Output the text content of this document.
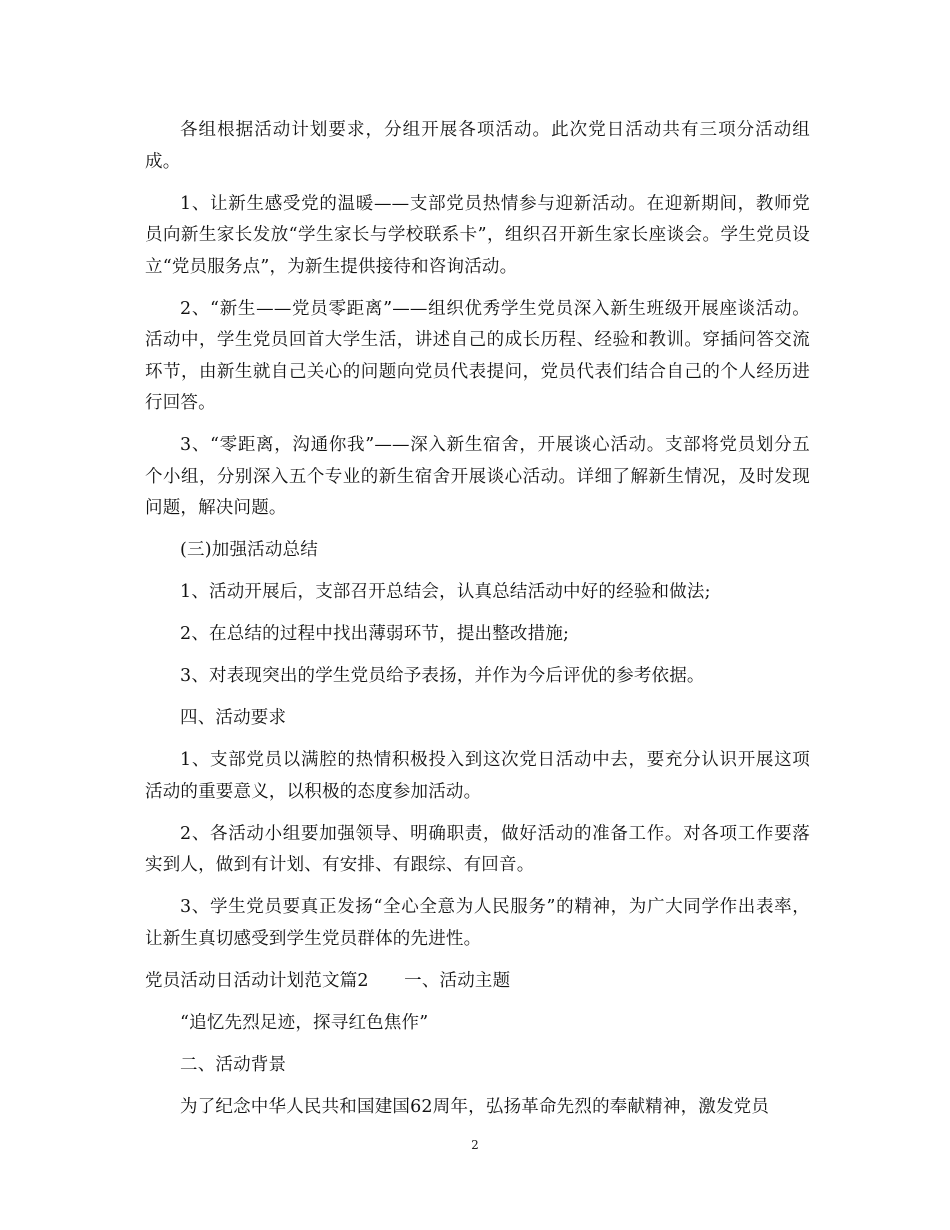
各组根据活动计划要求，分组开展各项活动。此次党日活动共有三项分活动组成。

1、让新生感受党的温暖——支部党员热情参与迎新活动。在迎新期间，教师党员向新生家长发放“学生家长与学校联系卡”，组织召开新生家长座谈会。学生党员设立“党员服务点”，为新生提供接待和咨询活动。

2、“新生——党员零距离”——组织优秀学生党员深入新生班级开展座谈活动。活动中，学生党员回首大学生活，讲述自己的成长历程、经验和教训。穿插问答交流环节，由新生就自己关心的问题向党员代表提问，党员代表们结合自己的个人经历进行回答。

3、“零距离，沟通你我”——深入新生宿舍，开展谈心活动。支部将党员划分五个小组，分别深入五个专业的新生宿舍开展谈心活动。详细了解新生情况，及时发现问题，解决问题。

(三)加强活动总结

1、活动开展后，支部召开总结会，认真总结活动中好的经验和做法;

2、在总结的过程中找出薄弱环节，提出整改措施;

3、对表现突出的学生党员给予表扬，并作为今后评优的参考依据。

四、活动要求

1、支部党员以满腔的热情积极投入到这次党日活动中去，要充分认识开展这项活动的重要意义，以积极的态度参加活动。

2、各活动小组要加强领导、明确职责，做好活动的准备工作。对各项工作要落实到人，做到有计划、有安排、有跟综、有回音。

3、学生党员要真正发扬“全心全意为人民服务”的精神，为广大同学作出表率，让新生真切感受到学生党员群体的先进性。

党员活动日活动计划范文篇2　　一、活动主题

“追忆先烈足迹，探寻红色焦作”

二、活动背景

为了纪念中华人民共和国建国62周年，弘扬革命先烈的奉献精神，激发党员

2
